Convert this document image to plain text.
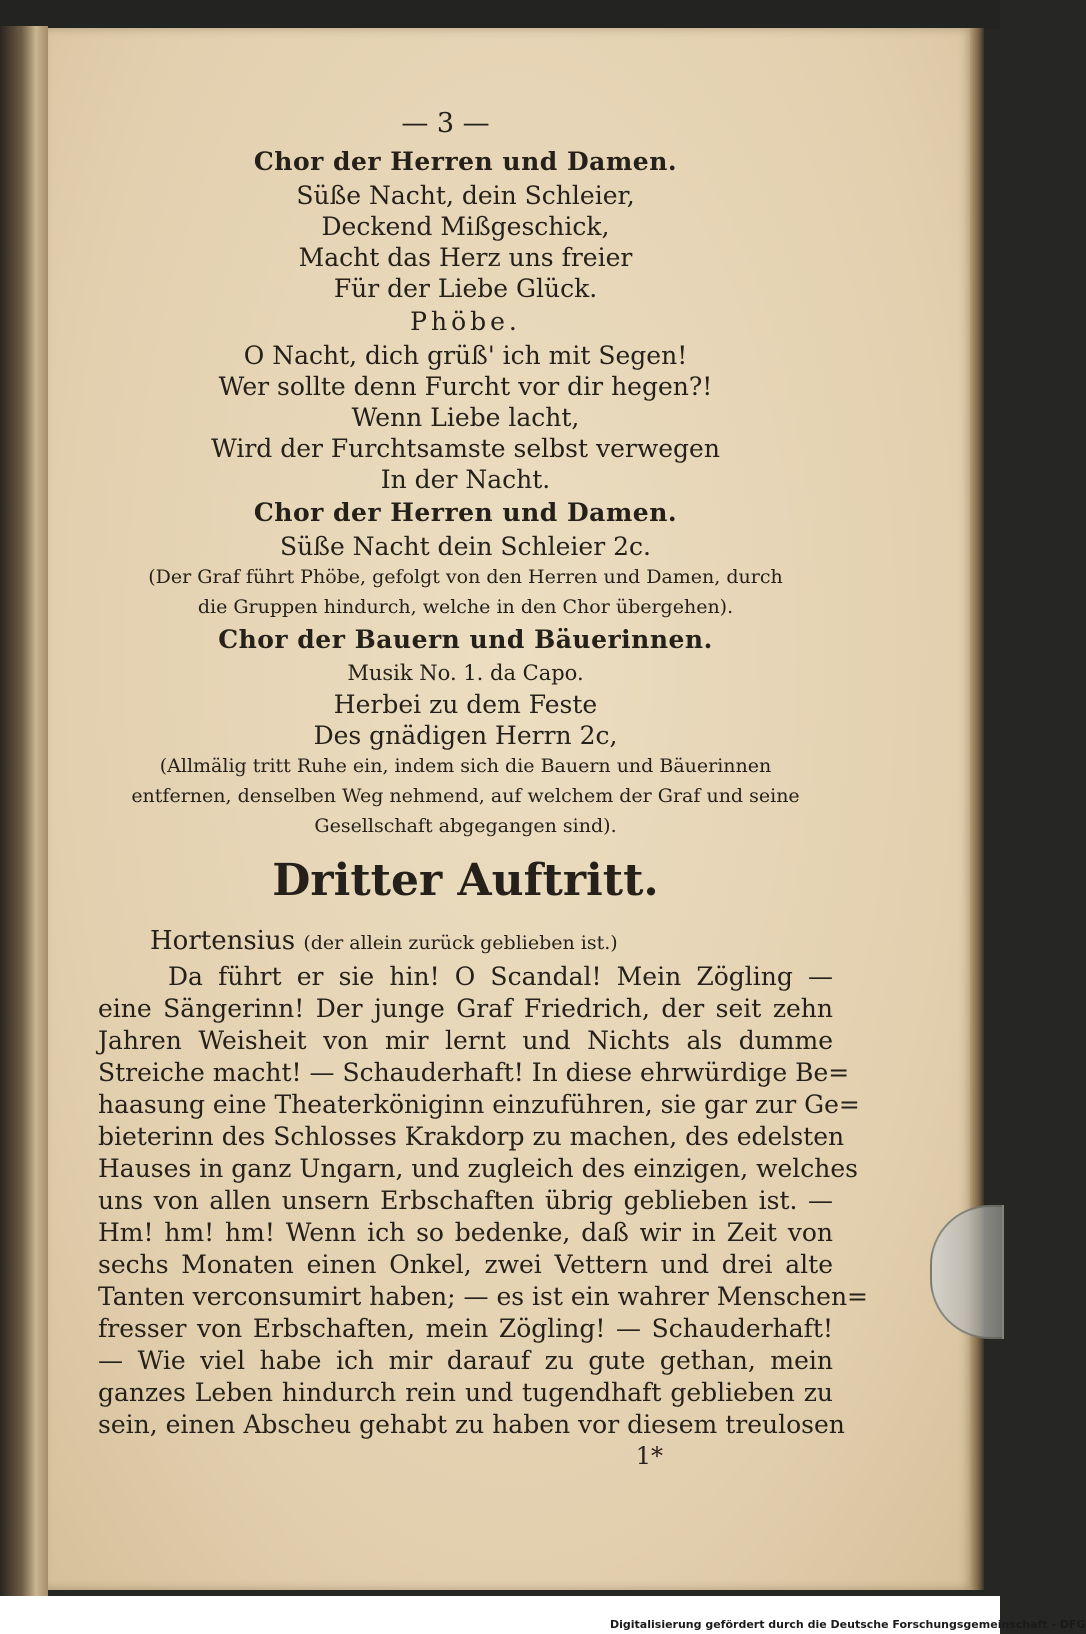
— 3 —
Chor der Herren und Damen.
Süße Nacht, dein Schleier,
Deckend Mißgeschick,
Macht das Herz uns freier
Für der Liebe Glück.
Phöbe.
O Nacht, dich grüß' ich mit Segen!
Wer sollte denn Furcht vor dir hegen?!
Wenn Liebe lacht,
Wird der Furchtsamste selbst verwegen
In der Nacht.
Chor der Herren und Damen.
Süße Nacht dein Schleier 2c.
(Der Graf führt Phöbe, gefolgt von den Herren und Damen, durch
die Gruppen hindurch, welche in den Chor übergehen).
Chor der Bauern und Bäuerinnen.
Musik No. 1. da Capo.
Herbei zu dem Feste
Des gnädigen Herrn 2c,
(Allmälig tritt Ruhe ein, indem sich die Bauern und Bäuerinnen
entfernen, denselben Weg nehmend, auf welchem der Graf und seine
Gesellschaft abgegangen sind).
Dritter Auftritt.
Hortensius (der allein zurück geblieben ist.)
Da führt er sie hin! O Scandal! Mein Zögling —
eine Sängerinn! Der junge Graf Friedrich, der seit zehn
Jahren Weisheit von mir lernt und Nichts als dumme
Streiche macht! — Schauderhaft! In diese ehrwürdige Be=
haasung eine Theaterköniginn einzuführen, sie gar zur Ge=
bieterinn des Schlosses Krakdorp zu machen, des edelsten
Hauses in ganz Ungarn, und zugleich des einzigen, welches
uns von allen unsern Erbschaften übrig geblieben ist. —
Hm! hm! hm! Wenn ich so bedenke, daß wir in Zeit von
sechs Monaten einen Onkel, zwei Vettern und drei alte
Tanten verconsumirt haben; — es ist ein wahrer Menschen=
fresser von Erbschaften, mein Zögling! — Schauderhaft!
— Wie viel habe ich mir darauf zu gute gethan, mein
ganzes Leben hindurch rein und tugendhaft geblieben zu
sein, einen Abscheu gehabt zu haben vor diesem treulosen
1*
Digitalisierung gefördert durch die Deutsche Forschungsgemeinschaft - DFG
